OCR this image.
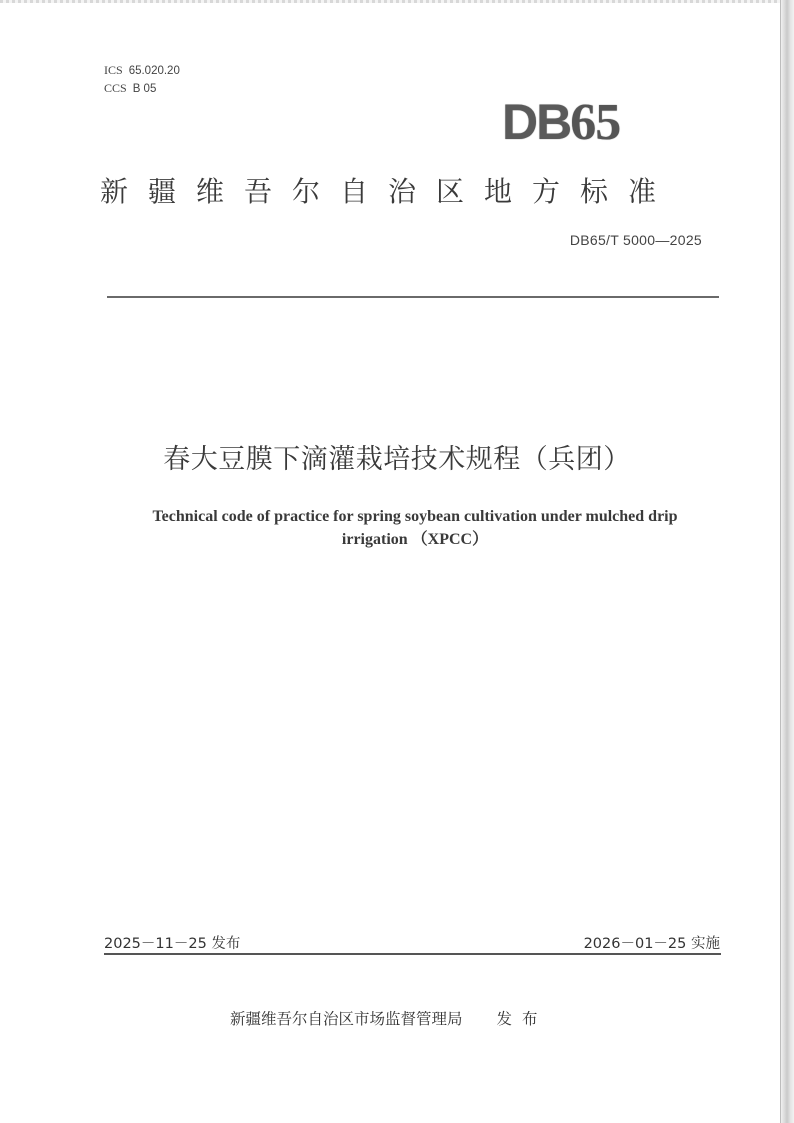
ICS 65.020.20
CCS B 05
DB65
新疆维吾尔自治区地方标准
DB65/T 5000—2025
春大豆膜下滴灌栽培技术规程（兵团）
Technical code of practice for spring soybean cultivation under mulched drip
irrigation （XPCC）
2025－11－25 发布	2026－01－25 实施
新疆维吾尔自治区市场监督管理局 发布
